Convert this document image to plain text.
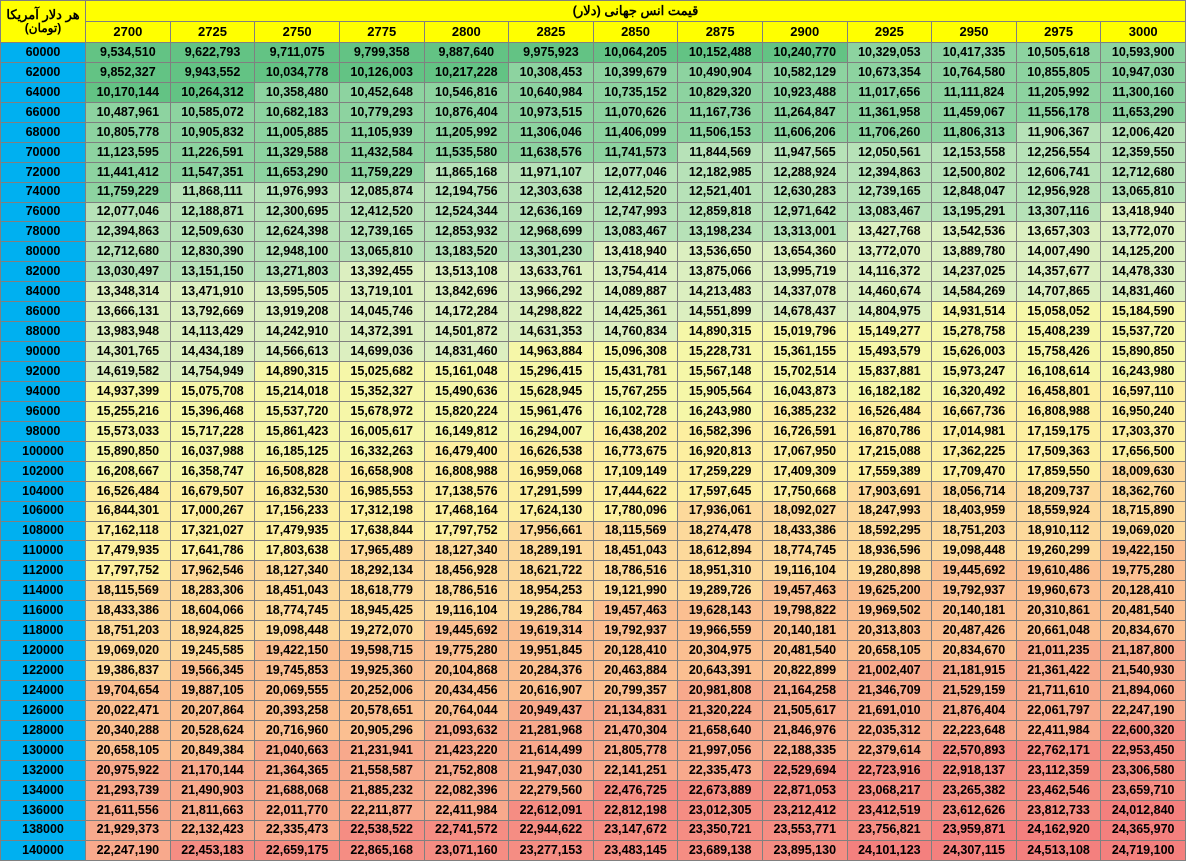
قیمت انس جهانی (دلار)													هر دلار آمریکا
(تومان)

3000	2975	2950	2925	2900	2875	2850	2825	2800	2775	2750	2725	2700	
10,593,900	10,505,618	10,417,335	10,329,053	10,240,770	10,152,488	10,064,205	9,975,923	9,887,640	9,799,358	9,711,075	9,622,793	9,534,510	60000
10,947,030	10,855,805	10,764,580	10,673,354	10,582,129	10,490,904	10,399,679	10,308,453	10,217,228	10,126,003	10,034,778	9,943,552	9,852,327	62000
11,300,160	11,205,992	11,111,824	11,017,656	10,923,488	10,829,320	10,735,152	10,640,984	10,546,816	10,452,648	10,358,480	10,264,312	10,170,144	64000
11,653,290	11,556,178	11,459,067	11,361,958	11,264,847	11,167,736	11,070,626	10,973,515	10,876,404	10,779,293	10,682,183	10,585,072	10,487,961	66000
12,006,420	11,906,367	11,806,313	11,706,260	11,606,206	11,506,153	11,406,099	11,306,046	11,205,992	11,105,939	11,005,885	10,905,832	10,805,778	68000
12,359,550	12,256,554	12,153,558	12,050,561	11,947,565	11,844,569	11,741,573	11,638,576	11,535,580	11,432,584	11,329,588	11,226,591	11,123,595	70000
12,712,680	12,606,741	12,500,802	12,394,863	12,288,924	12,182,985	12,077,046	11,971,107	11,865,168	11,759,229	11,653,290	11,547,351	11,441,412	72000
13,065,810	12,956,928	12,848,047	12,739,165	12,630,283	12,521,401	12,412,520	12,303,638	12,194,756	12,085,874	11,976,993	11,868,111	11,759,229	74000
13,418,940	13,307,116	13,195,291	13,083,467	12,971,642	12,859,818	12,747,993	12,636,169	12,524,344	12,412,520	12,300,695	12,188,871	12,077,046	76000
13,772,070	13,657,303	13,542,536	13,427,768	13,313,001	13,198,234	13,083,467	12,968,699	12,853,932	12,739,165	12,624,398	12,509,630	12,394,863	78000
14,125,200	14,007,490	13,889,780	13,772,070	13,654,360	13,536,650	13,418,940	13,301,230	13,183,520	13,065,810	12,948,100	12,830,390	12,712,680	80000
14,478,330	14,357,677	14,237,025	14,116,372	13,995,719	13,875,066	13,754,414	13,633,761	13,513,108	13,392,455	13,271,803	13,151,150	13,030,497	82000
14,831,460	14,707,865	14,584,269	14,460,674	14,337,078	14,213,483	14,089,887	13,966,292	13,842,696	13,719,101	13,595,505	13,471,910	13,348,314	84000
15,184,590	15,058,052	14,931,514	14,804,975	14,678,437	14,551,899	14,425,361	14,298,822	14,172,284	14,045,746	13,919,208	13,792,669	13,666,131	86000
15,537,720	15,408,239	15,278,758	15,149,277	15,019,796	14,890,315	14,760,834	14,631,353	14,501,872	14,372,391	14,242,910	14,113,429	13,983,948	88000
15,890,850	15,758,426	15,626,003	15,493,579	15,361,155	15,228,731	15,096,308	14,963,884	14,831,460	14,699,036	14,566,613	14,434,189	14,301,765	90000
16,243,980	16,108,614	15,973,247	15,837,881	15,702,514	15,567,148	15,431,781	15,296,415	15,161,048	15,025,682	14,890,315	14,754,949	14,619,582	92000
16,597,110	16,458,801	16,320,492	16,182,182	16,043,873	15,905,564	15,767,255	15,628,945	15,490,636	15,352,327	15,214,018	15,075,708	14,937,399	94000
16,950,240	16,808,988	16,667,736	16,526,484	16,385,232	16,243,980	16,102,728	15,961,476	15,820,224	15,678,972	15,537,720	15,396,468	15,255,216	96000
17,303,370	17,159,175	17,014,981	16,870,786	16,726,591	16,582,396	16,438,202	16,294,007	16,149,812	16,005,617	15,861,423	15,717,228	15,573,033	98000
17,656,500	17,509,363	17,362,225	17,215,088	17,067,950	16,920,813	16,773,675	16,626,538	16,479,400	16,332,263	16,185,125	16,037,988	15,890,850	100000
18,009,630	17,859,550	17,709,470	17,559,389	17,409,309	17,259,229	17,109,149	16,959,068	16,808,988	16,658,908	16,508,828	16,358,747	16,208,667	102000
18,362,760	18,209,737	18,056,714	17,903,691	17,750,668	17,597,645	17,444,622	17,291,599	17,138,576	16,985,553	16,832,530	16,679,507	16,526,484	104000
18,715,890	18,559,924	18,403,959	18,247,993	18,092,027	17,936,061	17,780,096	17,624,130	17,468,164	17,312,198	17,156,233	17,000,267	16,844,301	106000
19,069,020	18,910,112	18,751,203	18,592,295	18,433,386	18,274,478	18,115,569	17,956,661	17,797,752	17,638,844	17,479,935	17,321,027	17,162,118	108000
19,422,150	19,260,299	19,098,448	18,936,596	18,774,745	18,612,894	18,451,043	18,289,191	18,127,340	17,965,489	17,803,638	17,641,786	17,479,935	110000
19,775,280	19,610,486	19,445,692	19,280,898	19,116,104	18,951,310	18,786,516	18,621,722	18,456,928	18,292,134	18,127,340	17,962,546	17,797,752	112000
20,128,410	19,960,673	19,792,937	19,625,200	19,457,463	19,289,726	19,121,990	18,954,253	18,786,516	18,618,779	18,451,043	18,283,306	18,115,569	114000
20,481,540	20,310,861	20,140,181	19,969,502	19,798,822	19,628,143	19,457,463	19,286,784	19,116,104	18,945,425	18,774,745	18,604,066	18,433,386	116000
20,834,670	20,661,048	20,487,426	20,313,803	20,140,181	19,966,559	19,792,937	19,619,314	19,445,692	19,272,070	19,098,448	18,924,825	18,751,203	118000
21,187,800	21,011,235	20,834,670	20,658,105	20,481,540	20,304,975	20,128,410	19,951,845	19,775,280	19,598,715	19,422,150	19,245,585	19,069,020	120000
21,540,930	21,361,422	21,181,915	21,002,407	20,822,899	20,643,391	20,463,884	20,284,376	20,104,868	19,925,360	19,745,853	19,566,345	19,386,837	122000
21,894,060	21,711,610	21,529,159	21,346,709	21,164,258	20,981,808	20,799,357	20,616,907	20,434,456	20,252,006	20,069,555	19,887,105	19,704,654	124000
22,247,190	22,061,797	21,876,404	21,691,010	21,505,617	21,320,224	21,134,831	20,949,437	20,764,044	20,578,651	20,393,258	20,207,864	20,022,471	126000
22,600,320	22,411,984	22,223,648	22,035,312	21,846,976	21,658,640	21,470,304	21,281,968	21,093,632	20,905,296	20,716,960	20,528,624	20,340,288	128000
22,953,450	22,762,171	22,570,893	22,379,614	22,188,335	21,997,056	21,805,778	21,614,499	21,423,220	21,231,941	21,040,663	20,849,384	20,658,105	130000
23,306,580	23,112,359	22,918,137	22,723,916	22,529,694	22,335,473	22,141,251	21,947,030	21,752,808	21,558,587	21,364,365	21,170,144	20,975,922	132000
23,659,710	23,462,546	23,265,382	23,068,217	22,871,053	22,673,889	22,476,725	22,279,560	22,082,396	21,885,232	21,688,068	21,490,903	21,293,739	134000
24,012,840	23,812,733	23,612,626	23,412,519	23,212,412	23,012,305	22,812,198	22,612,091	22,411,984	22,211,877	22,011,770	21,811,663	21,611,556	136000
24,365,970	24,162,920	23,959,871	23,756,821	23,553,771	23,350,721	23,147,672	22,944,622	22,741,572	22,538,522	22,335,473	22,132,423	21,929,373	138000
24,719,100	24,513,108	24,307,115	24,101,123	23,895,130	23,689,138	23,483,145	23,277,153	23,071,160	22,865,168	22,659,175	22,453,183	22,247,190	140000
